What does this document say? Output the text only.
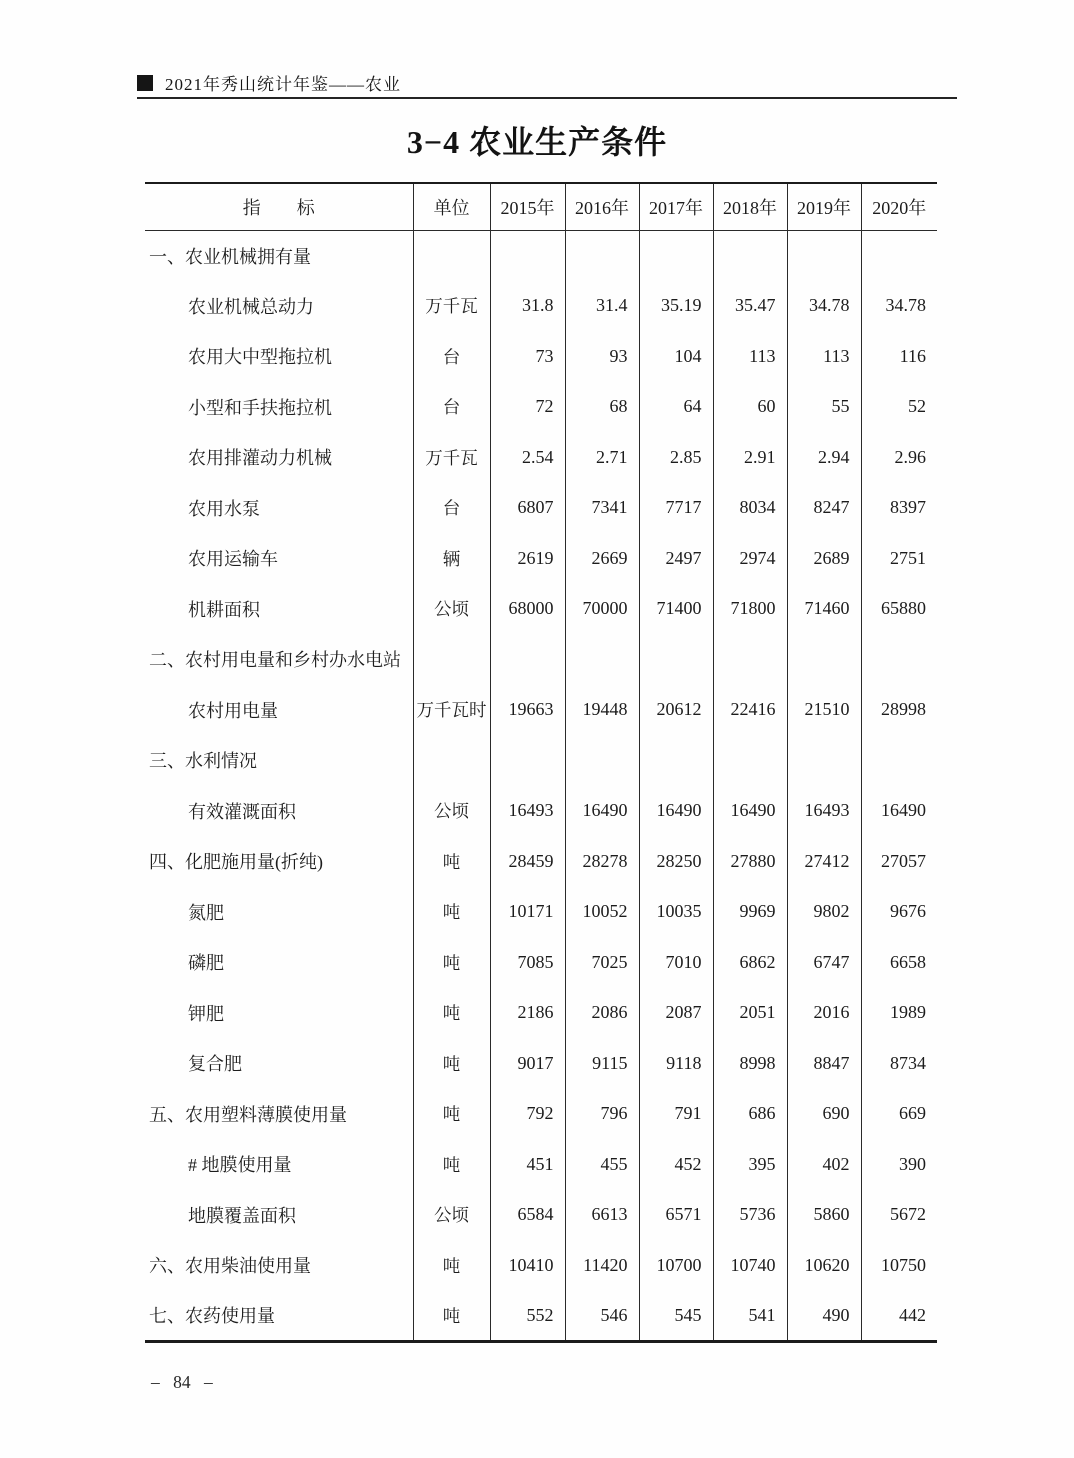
2021年秀山统计年鉴——农业
3−4 农业生产条件
指　　标	单位	2015年	2016年	2017年	2018年	2019年	2020年
一、农业机械拥有量							
农业机械总动力	万千瓦	31.8	31.4	35.19	35.47	34.78	34.78
农用大中型拖拉机	台	73	93	104	113	113	116
小型和手扶拖拉机	台	72	68	64	60	55	52
农用排灌动力机械	万千瓦	2.54	2.71	2.85	2.91	2.94	2.96
农用水泵	台	6807	7341	7717	8034	8247	8397
农用运输车	辆	2619	2669	2497	2974	2689	2751
机耕面积	公顷	68000	70000	71400	71800	71460	65880
二、农村用电量和乡村办水电站							
农村用电量	万千瓦时	19663	19448	20612	22416	21510	28998
三、水利情况							
有效灌溉面积	公顷	16493	16490	16490	16490	16493	16490
四、化肥施用量(折纯)	吨	28459	28278	28250	27880	27412	27057
氮肥	吨	10171	10052	10035	9969	9802	9676
磷肥	吨	7085	7025	7010	6862	6747	6658
钾肥	吨	2186	2086	2087	2051	2016	1989
复合肥	吨	9017	9115	9118	8998	8847	8734
五、农用塑料薄膜使用量	吨	792	796	791	686	690	669
# 地膜使用量	吨	451	455	452	395	402	390
地膜覆盖面积	公顷	6584	6613	6571	5736	5860	5672
六、农用柴油使用量	吨	10410	11420	10700	10740	10620	10750
七、农药使用量	吨	552	546	545	541	490	442
– 84 –
